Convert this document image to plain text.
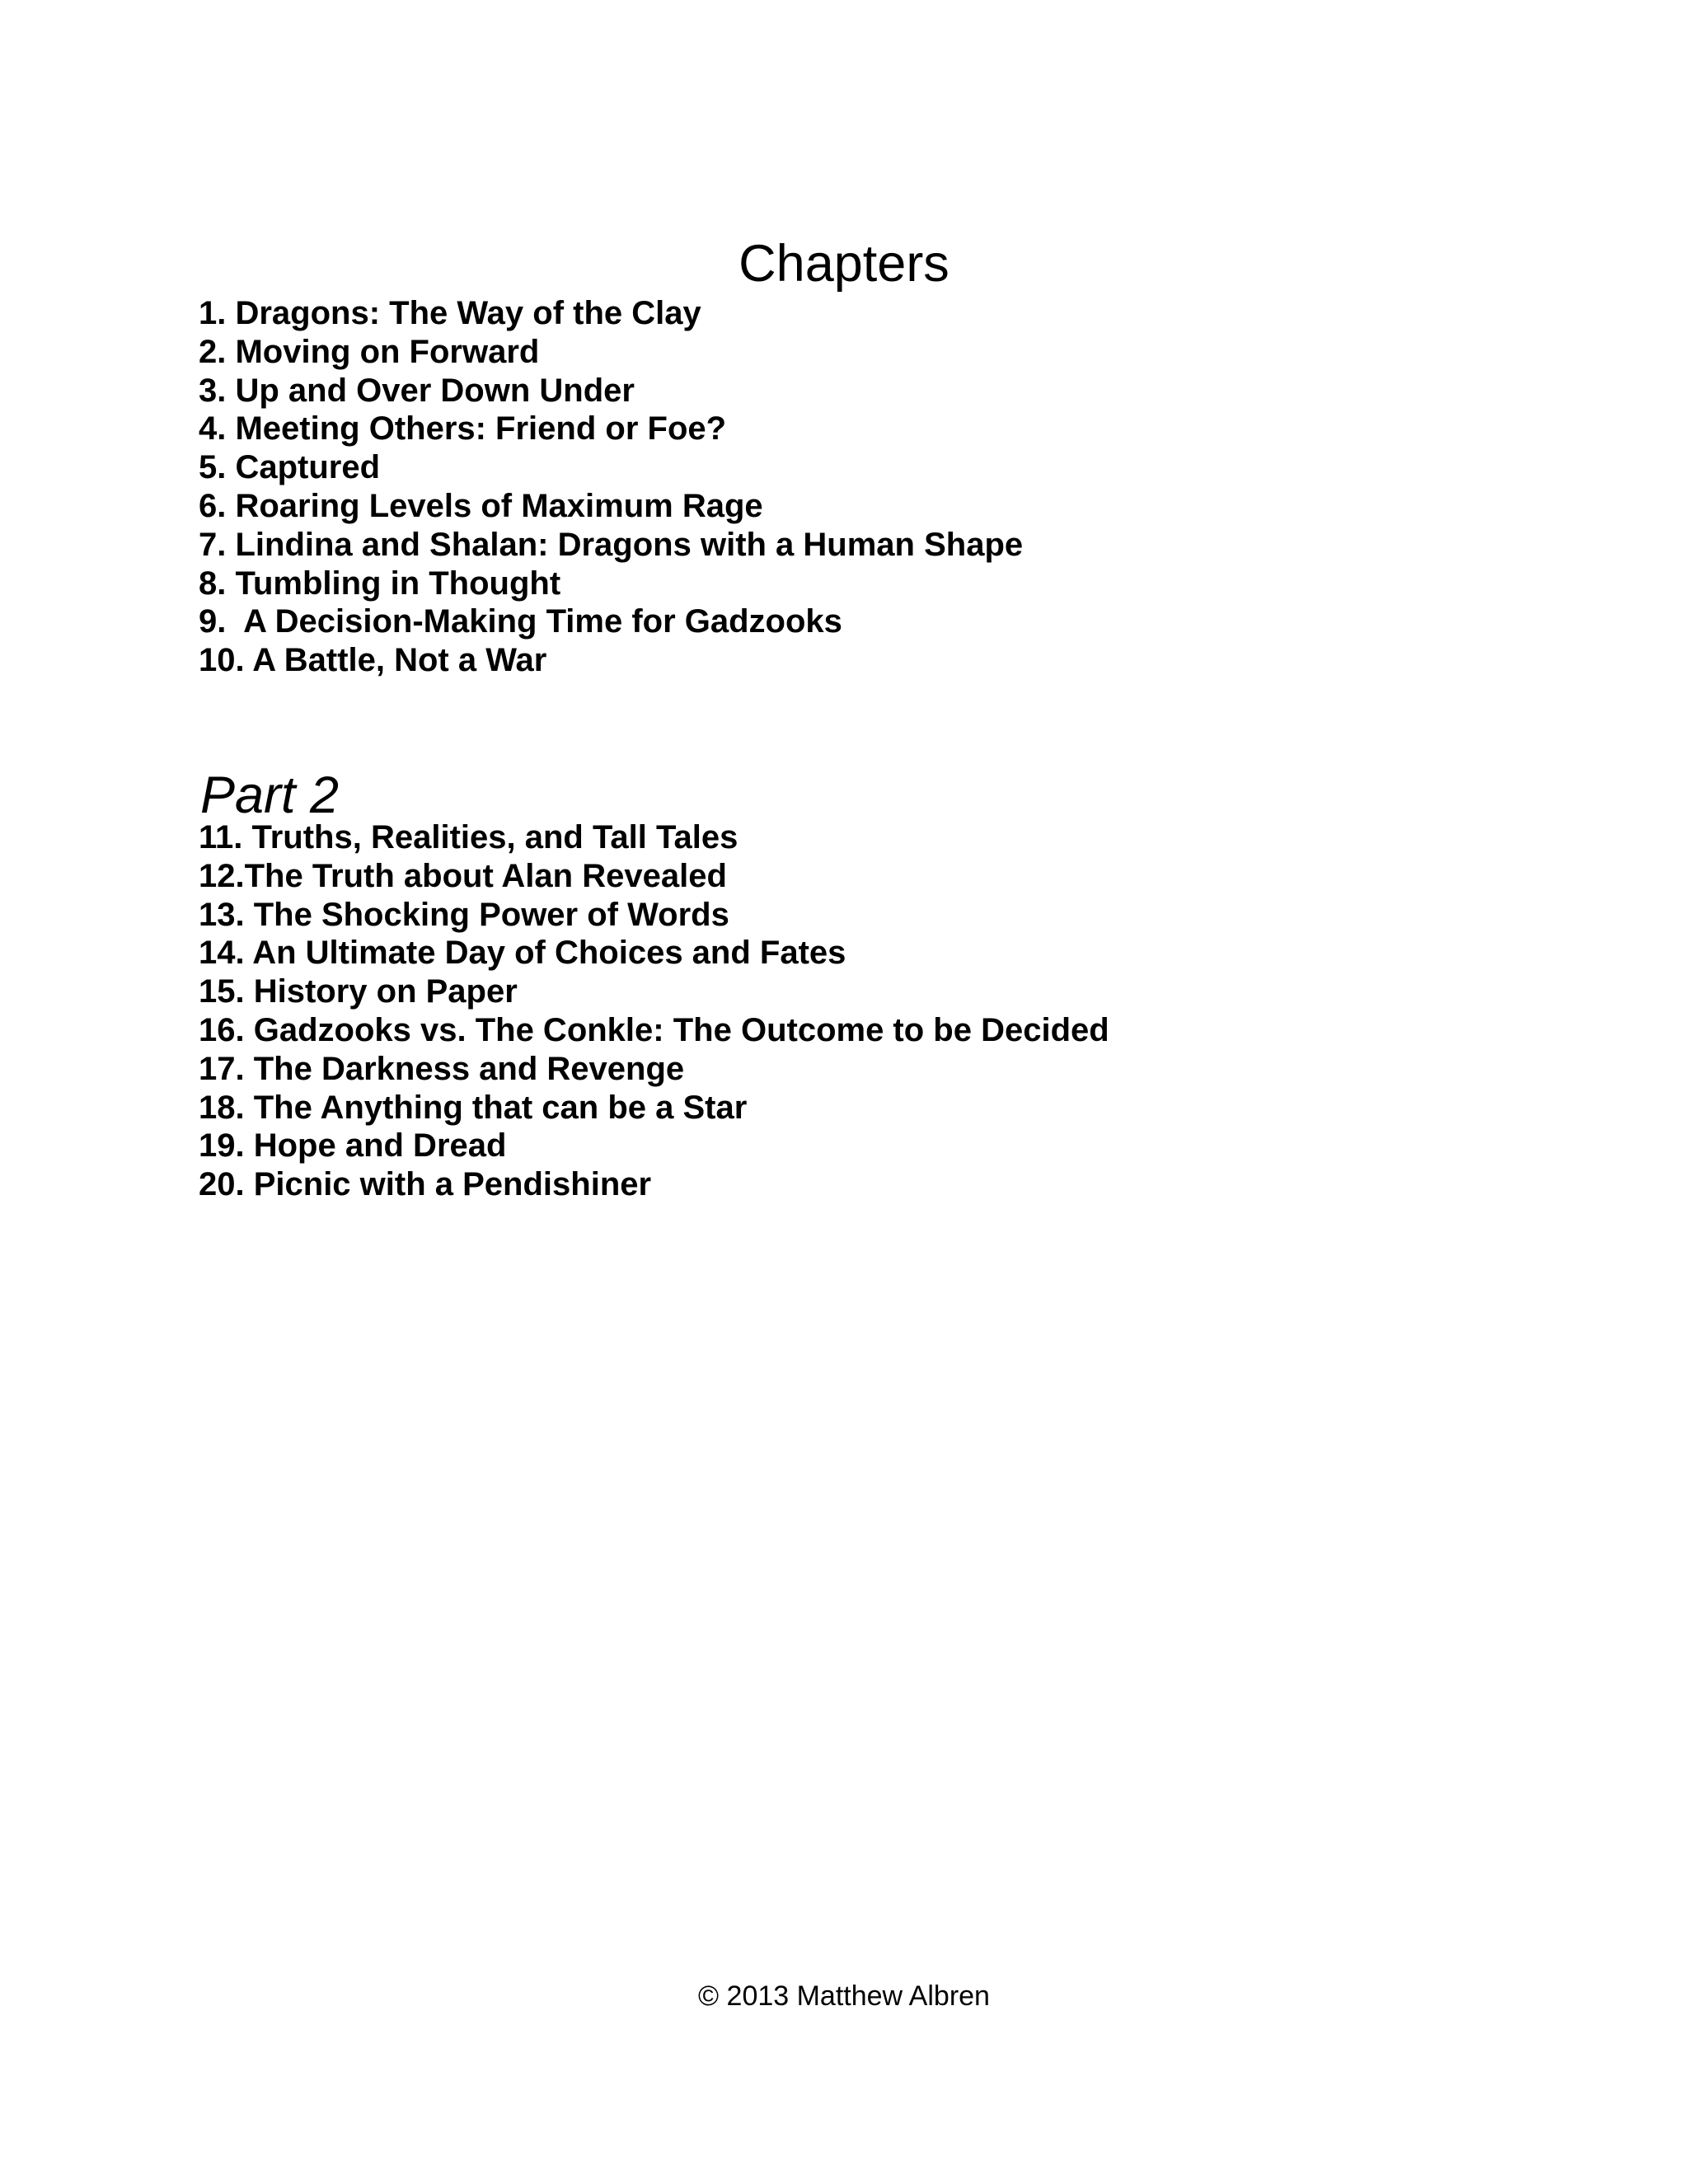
Chapters
1. Dragons: The Way of the Clay
2. Moving on Forward
3. Up and Over Down Under
4. Meeting Others: Friend or Foe?
5. Captured
6. Roaring Levels of Maximum Rage
7. Lindina and Shalan: Dragons with a Human Shape
8. Tumbling in Thought
9.  A Decision-Making Time for Gadzooks
10. A Battle, Not a War
Part 2
11. Truths, Realities, and Tall Tales
12.The Truth about Alan Revealed
13. The Shocking Power of Words
14. An Ultimate Day of Choices and Fates
15. History on Paper
16. Gadzooks vs. The Conkle: The Outcome to be Decided
17. The Darkness and Revenge
18. The Anything that can be a Star
19. Hope and Dread
20. Picnic with a Pendishiner
© 2013 Matthew Albren
